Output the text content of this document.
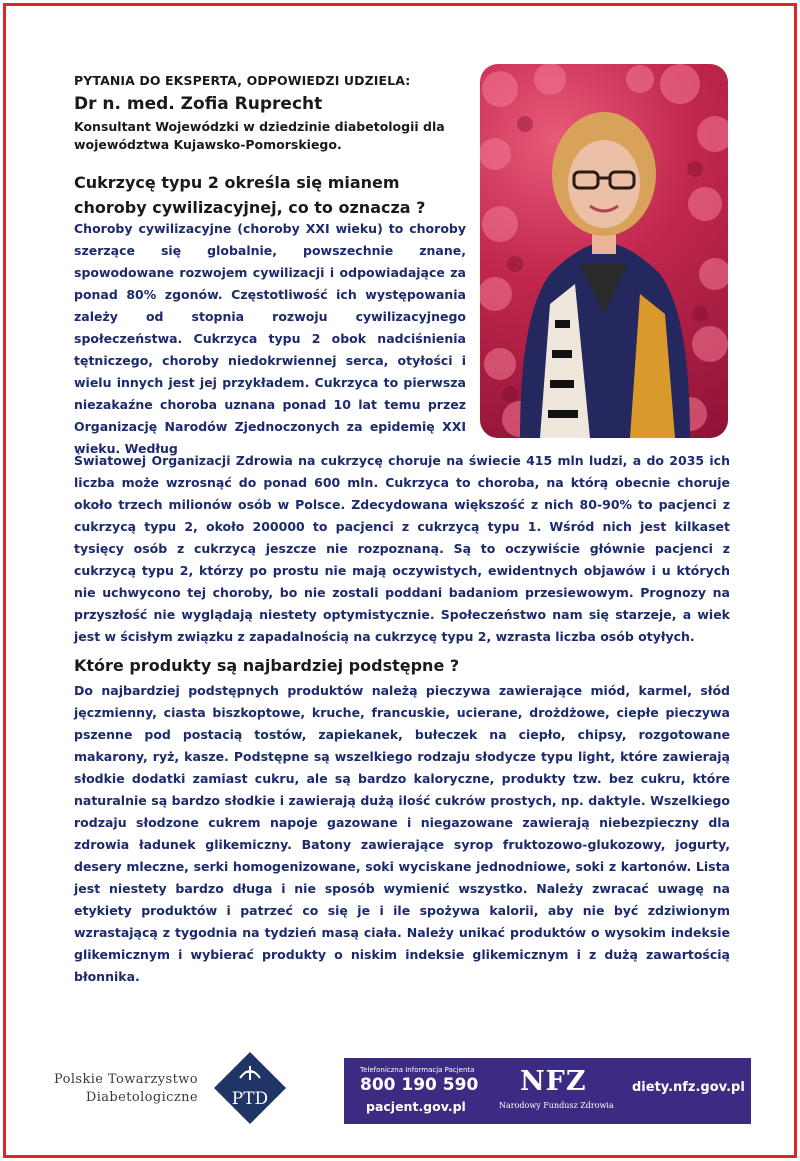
PYTANIA DO EKSPERTA, ODPOWIEDZI UDZIELA:
Dr n. med. Zofia Ruprecht
Konsultant Wojewódzki w dziedzinie diabetologii dla województwa Kujawsko-Pomorskiego.
Cukrzycę typu 2 określa się mianem choroby cywilizacyjnej, co to oznacza ?

Choroby cywilizacyjne (choroby XXI wieku) to choroby szerzące się globalnie, powszechnie znane, spowodowane rozwojem cywilizacji i odpowiadające za ponad 80% zgonów. Częstotliwość ich występowania zależy od stopnia rozwoju cywilizacyjnego społeczeństwa. Cukrzyca typu 2 obok nadciśnienia tętniczego, choroby niedokrwiennej serca, otyłości i wielu innych jest jej przykładem. Cukrzyca to pierwsza niezakaźne choroba uznana ponad 10 lat temu przez Organizację Narodów Zjednoczonych za epidemię XXI wieku. Według

Światowej Organizacji Zdrowia na cukrzycę choruje na świecie 415 mln ludzi, a do 2035 ich liczba może wzrosnąć do ponad 600 mln. Cukrzyca to choroba, na którą obecnie choruje około trzech milionów osób w Polsce. Zdecydowana większość z nich 80-90% to pacjenci z cukrzycą typu 2, około 200000 to pacjenci z cukrzycą typu 1. Wśród nich jest kilkaset tysięcy osób z cukrzycą jeszcze nie rozpoznaną. Są to oczywiście głównie pacjenci z cukrzycą typu 2, którzy po prostu nie mają oczywistych, ewidentnych objawów i u których nie uchwycono tej choroby, bo nie zostali poddani badaniom przesiewowym. Prognozy na przyszłość nie wyglądają niestety optymistycznie. Społeczeństwo nam się starzeje, a wiek jest w ścisłym związku z zapadalnością na cukrzycę typu 2, wzrasta liczba osób otyłych.

Które produkty są najbardziej podstępne ?

Do najbardziej podstępnych produktów należą pieczywa zawierające miód, karmel, słód jęczmienny, ciasta biszkoptowe, kruche, francuskie, ucierane, drożdżowe, ciepłe pieczywa pszenne pod postacią tostów, zapiekanek, bułeczek na ciepło, chipsy, rozgotowane makarony, ryż, kasze. Podstępne są wszelkiego rodzaju słodycze typu light, które zawierają słodkie dodatki zamiast cukru, ale są bardzo kaloryczne, produkty tzw. bez cukru, które naturalnie są bardzo słodkie i zawierają dużą ilość cukrów prostych, np. daktyle. Wszelkiego rodzaju słodzone cukrem napoje gazowane i niegazowane zawierają niebezpieczny dla zdrowia ładunek glikemiczny. Batony zawierające syrop fruktozowo-glukozowy, jogurty, desery mleczne, serki homogenizowane, soki wyciskane jednodniowe, soki z kartonów. Lista jest niestety bardzo długa i nie sposób wymienić wszystko. Należy zwracać uwagę na etykiety produktów i patrzeć co się je i ile spożywa kalorii, aby nie być zdziwionym wzrastającą z tygodnia na tydzień masą ciała. Należy unikać produktów o wysokim indeksie glikemicznym i wybierać produkty o niskim indeksie glikemicznym i z dużą zawartością błonnika.

Polskie Towarzystwo
Diabetologiczne PTD
Telefoniczna Informacja Pacjenta
800 190 590
pacjent.gov.pl
NFZ
Narodowy Fundusz Zdrowia
diety.nfz.gov.pl
